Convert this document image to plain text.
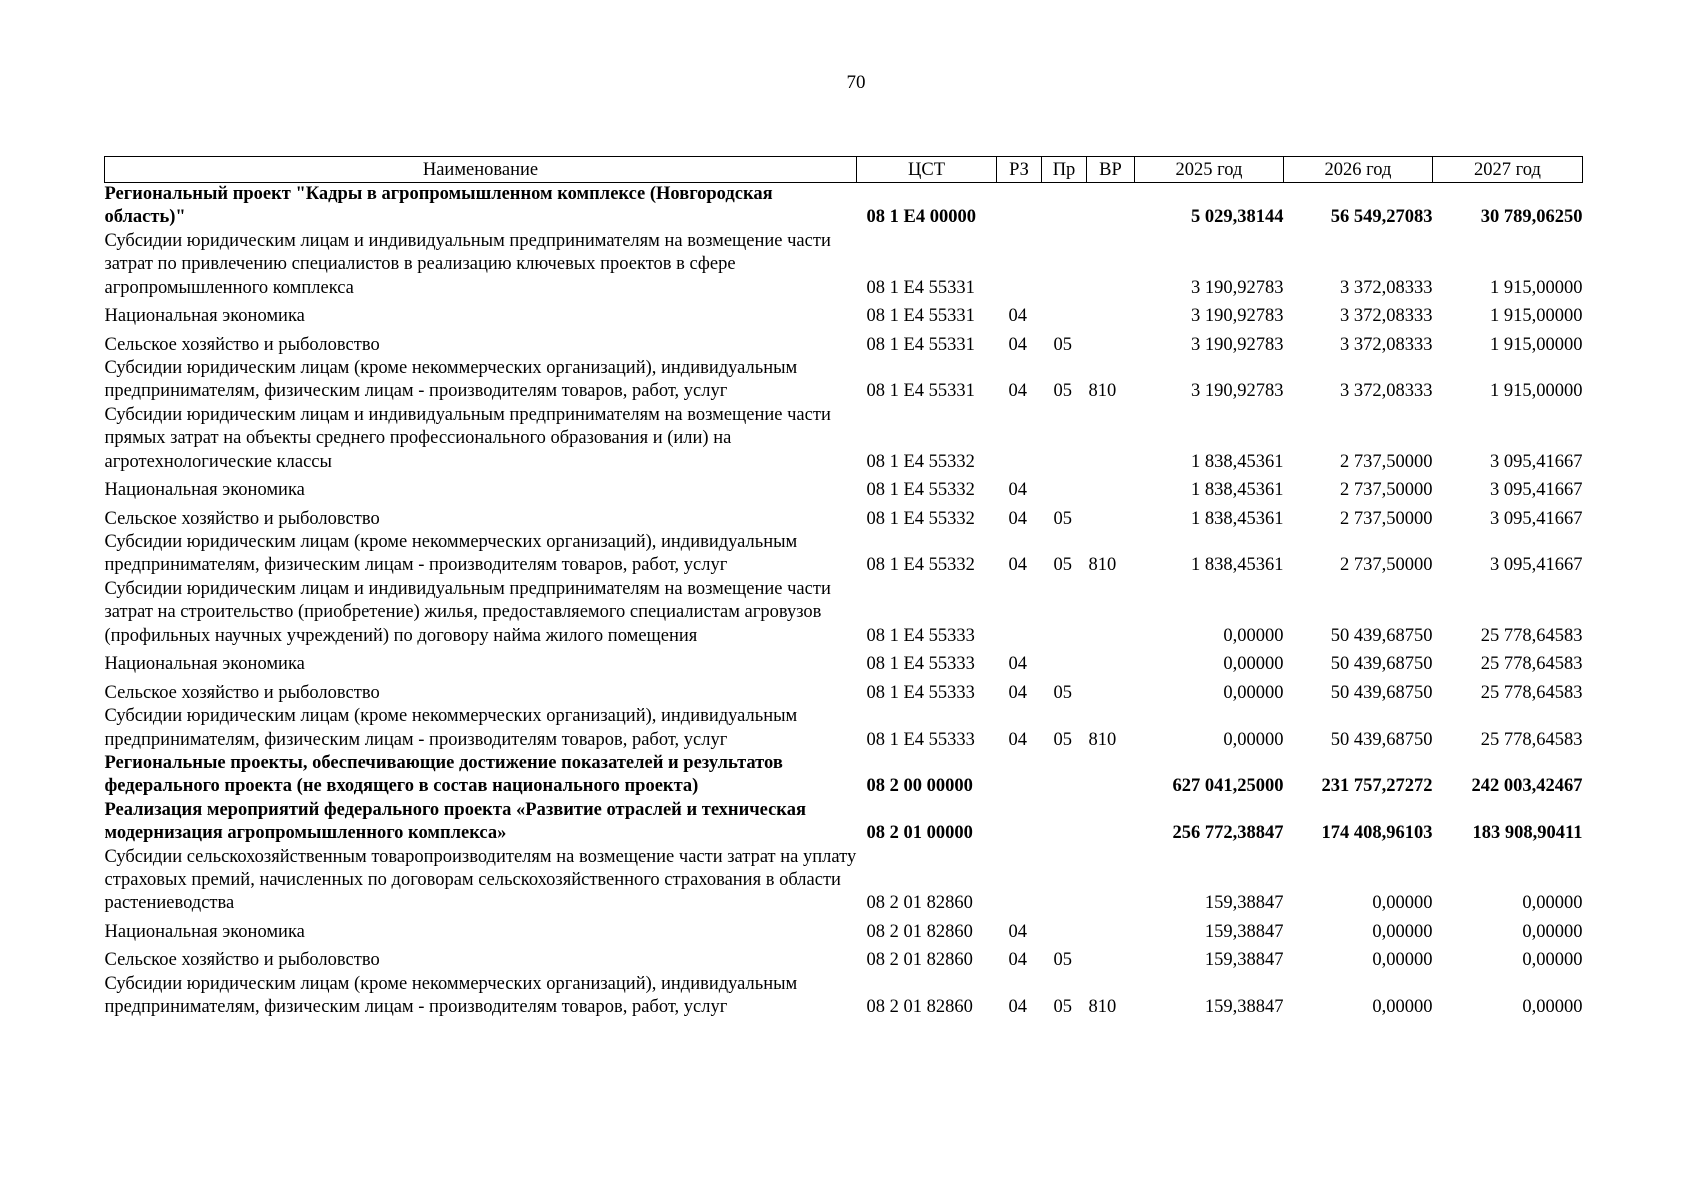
70
Наименование	ЦСТ	РЗ	Пр	ВР	2025 год	2026 год	2027 год
Региональный проект "Кадры в агропромышленном комплексе (Новгородская область)"	08 1 E4 00000				5 029,38144	56 549,27083	30 789,06250
Субсидии юридическим лицам и индивидуальным предпринимателям на возмещение части затрат по привлечению специалистов в реализацию ключевых проектов в сфере агропромышленного комплекса	08 1 E4 55331				3 190,92783	3 372,08333	1 915,00000
Национальная экономика	08 1 E4 55331	04			3 190,92783	3 372,08333	1 915,00000
Сельское хозяйство и рыболовство	08 1 E4 55331	04	05		3 190,92783	3 372,08333	1 915,00000
Субсидии юридическим лицам (кроме некоммерческих организаций), индивидуальным предпринимателям, физическим лицам - производителям товаров, работ, услуг	08 1 E4 55331	04	05	810	3 190,92783	3 372,08333	1 915,00000
Субсидии юридическим лицам и индивидуальным предпринимателям на возмещение части прямых затрат на объекты среднего профессионального образования и (или) на агротехнологические классы	08 1 E4 55332				1 838,45361	2 737,50000	3 095,41667
Национальная экономика	08 1 E4 55332	04			1 838,45361	2 737,50000	3 095,41667
Сельское хозяйство и рыболовство	08 1 E4 55332	04	05		1 838,45361	2 737,50000	3 095,41667
Субсидии юридическим лицам (кроме некоммерческих организаций), индивидуальным предпринимателям, физическим лицам - производителям товаров, работ, услуг	08 1 E4 55332	04	05	810	1 838,45361	2 737,50000	3 095,41667
Субсидии юридическим лицам и индивидуальным предпринимателям на возмещение части затрат на строительство (приобретение) жилья, предоставляемого специалистам агровузов (профильных научных учреждений) по договору найма жилого помещения	08 1 E4 55333				0,00000	50 439,68750	25 778,64583
Национальная экономика	08 1 E4 55333	04			0,00000	50 439,68750	25 778,64583
Сельское хозяйство и рыболовство	08 1 E4 55333	04	05		0,00000	50 439,68750	25 778,64583
Субсидии юридическим лицам (кроме некоммерческих организаций), индивидуальным предпринимателям, физическим лицам - производителям товаров, работ, услуг	08 1 E4 55333	04	05	810	0,00000	50 439,68750	25 778,64583
Региональные проекты, обеспечивающие достижение показателей и результатов федерального проекта (не входящего в состав национального проекта)	08 2 00 00000				627 041,25000	231 757,27272	242 003,42467
Реализация мероприятий федерального проекта «Развитие отраслей и техническая модернизация агропромышленного комплекса»	08 2 01 00000				256 772,38847	174 408,96103	183 908,90411
Субсидии сельскохозяйственным товаропроизводителям на возмещение части затрат на уплату страховых премий, начисленных по договорам сельскохозяйственного страхования в области растениеводства	08 2 01 82860				159,38847	0,00000	0,00000
Национальная экономика	08 2 01 82860	04			159,38847	0,00000	0,00000
Сельское хозяйство и рыболовство	08 2 01 82860	04	05		159,38847	0,00000	0,00000
Субсидии юридическим лицам (кроме некоммерческих организаций), индивидуальным предпринимателям, физическим лицам - производителям товаров, работ, услуг	08 2 01 82860	04	05	810	159,38847	0,00000	0,00000
